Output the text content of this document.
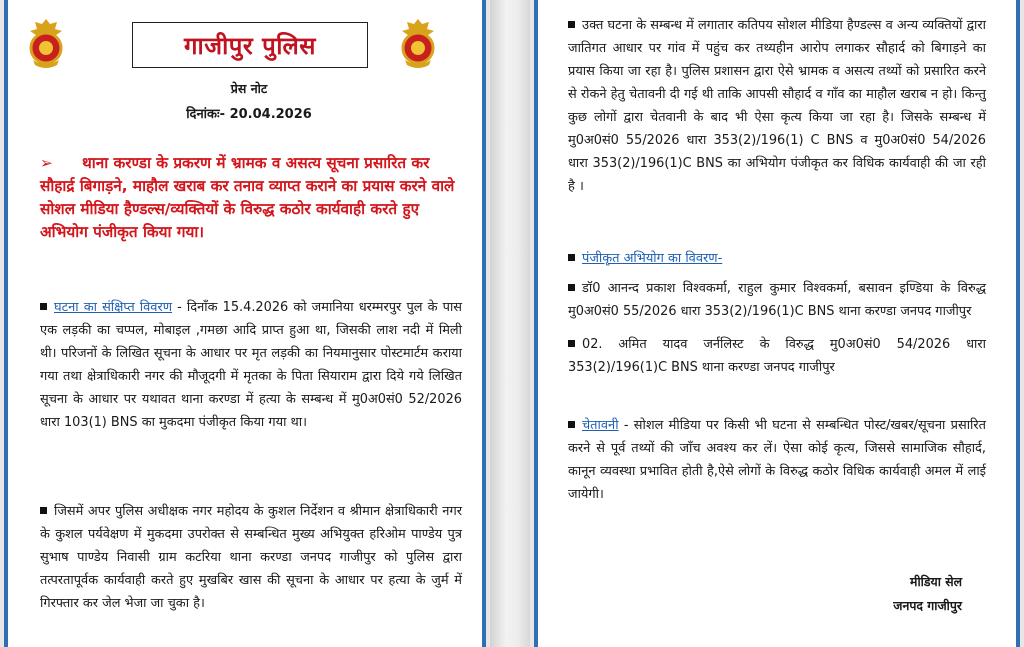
गाजीपुर पुलिस
प्रेस नोट
दिनांकः- 20.04.2026
➢ थाना करण्डा के प्रकरण में भ्रामक व असत्य सूचना प्रसारित कर सौहार्द्र बिगाड़ने, माहौल खराब कर तनाव व्याप्त कराने का प्रयास करने वाले सोशल मीडिया हैण्डल्स/व्यक्तियों के विरुद्ध कठोर कार्यवाही करते हुए अभियोग पंजीकृत किया गया।
घटना का संक्षिप्त विवरण - दिनाँक 15.4.2026 को जमानिया धरम्मरपुर पुल के पास एक लड़की का चप्पल, मोबाइल ,गमछा आदि प्राप्त हुआ था, जिसकी लाश नदी में मिली थी। परिजनों के लिखित सूचना के आधार पर मृत लड़की का नियमानुसार पोस्टमार्टम कराया गया तथा क्षेत्राधिकारी नगर की मौजूदगी में मृतका के पिता सियाराम द्वारा दिये गये लिखित सूचना के आधार पर यथावत थाना करण्डा में हत्या के सम्बन्ध में मु0अ0सं0 52/2026 धारा 103(1) BNS का मुकदमा पंजीकृत किया गया था।
जिसमें अपर पुलिस अधीक्षक नगर महोदय के कुशल निर्देशन व श्रीमान क्षेत्राधिकारी नगर के कुशल पर्यवेक्षण में मुकदमा उपरोक्त से सम्बन्धित मुख्य अभियुक्त हरिओम पाण्डेय पुत्र सुभाष पाण्डेय निवासी ग्राम कटरिया थाना करण्डा जनपद गाजीपुर को पुलिस द्वारा तत्परतापूर्वक कार्यवाही करते हुए मुखबिर खास की सूचना के आधार पर हत्या के जुर्म में गिरफ्तार कर जेल भेजा जा चुका है।
उक्त घटना के सम्बन्ध में लगातार कतिपय सोशल मीडिया हैण्डल्स व अन्य व्यक्तियों द्वारा जातिगत आधार पर गांव में पहुंच कर तथ्यहीन आरोप लगाकर सौहार्द को बिगाड़ने का प्रयास किया जा रहा है। पुलिस प्रशासन द्वारा ऐसे भ्रामक व असत्य तथ्यों को प्रसारित करने से रोकने हेतु चेतावनी दी गई थी ताकि आपसी सौहार्द व गाँव का माहौल खराब न हो। किन्तु कुछ लोगों द्वारा चेतवानी के बाद भी ऐसा कृत्य किया जा रहा है। जिसके सम्बन्ध में मु0अ0सं0 55/2026 धारा 353(2)/196(1) C BNS व मु0अ0सं0 54/2026 धारा 353(2)/196(1)C BNS का अभियोग पंजीकृत कर विधिक कार्यवाही की जा रही है ।
पंजीकृत अभियोग का विवरण-
डॉ0 आनन्द प्रकाश विश्वकर्मा, राहुल कुमार विश्वकर्मा, बसावन इण्डिया के विरुद्ध मु0अ0सं0 55/2026 धारा 353(2)/196(1)C BNS थाना करण्डा जनपद गाजीपुर
02. अमित यादव जर्नलिस्ट के विरुद्ध मु0अ0सं0 54/2026 धारा 353(2)/196(1)C BNS थाना करण्डा जनपद गाजीपुर
चेतावनी - सोशल मीडिया पर किसी भी घटना से सम्बन्धित पोस्ट/खबर/सूचना प्रसारित करने से पूर्व तथ्यों की जाँच अवश्य कर लें। ऐसा कोई कृत्य, जिससे सामाजिक सौहार्द, कानून व्यवस्था प्रभावित होती है,ऐसे लोगों के विरुद्ध कठोर विधिक कार्यवाही अमल में लाई जायेगी।
मीडिया सेल
जनपद गाजीपुर
